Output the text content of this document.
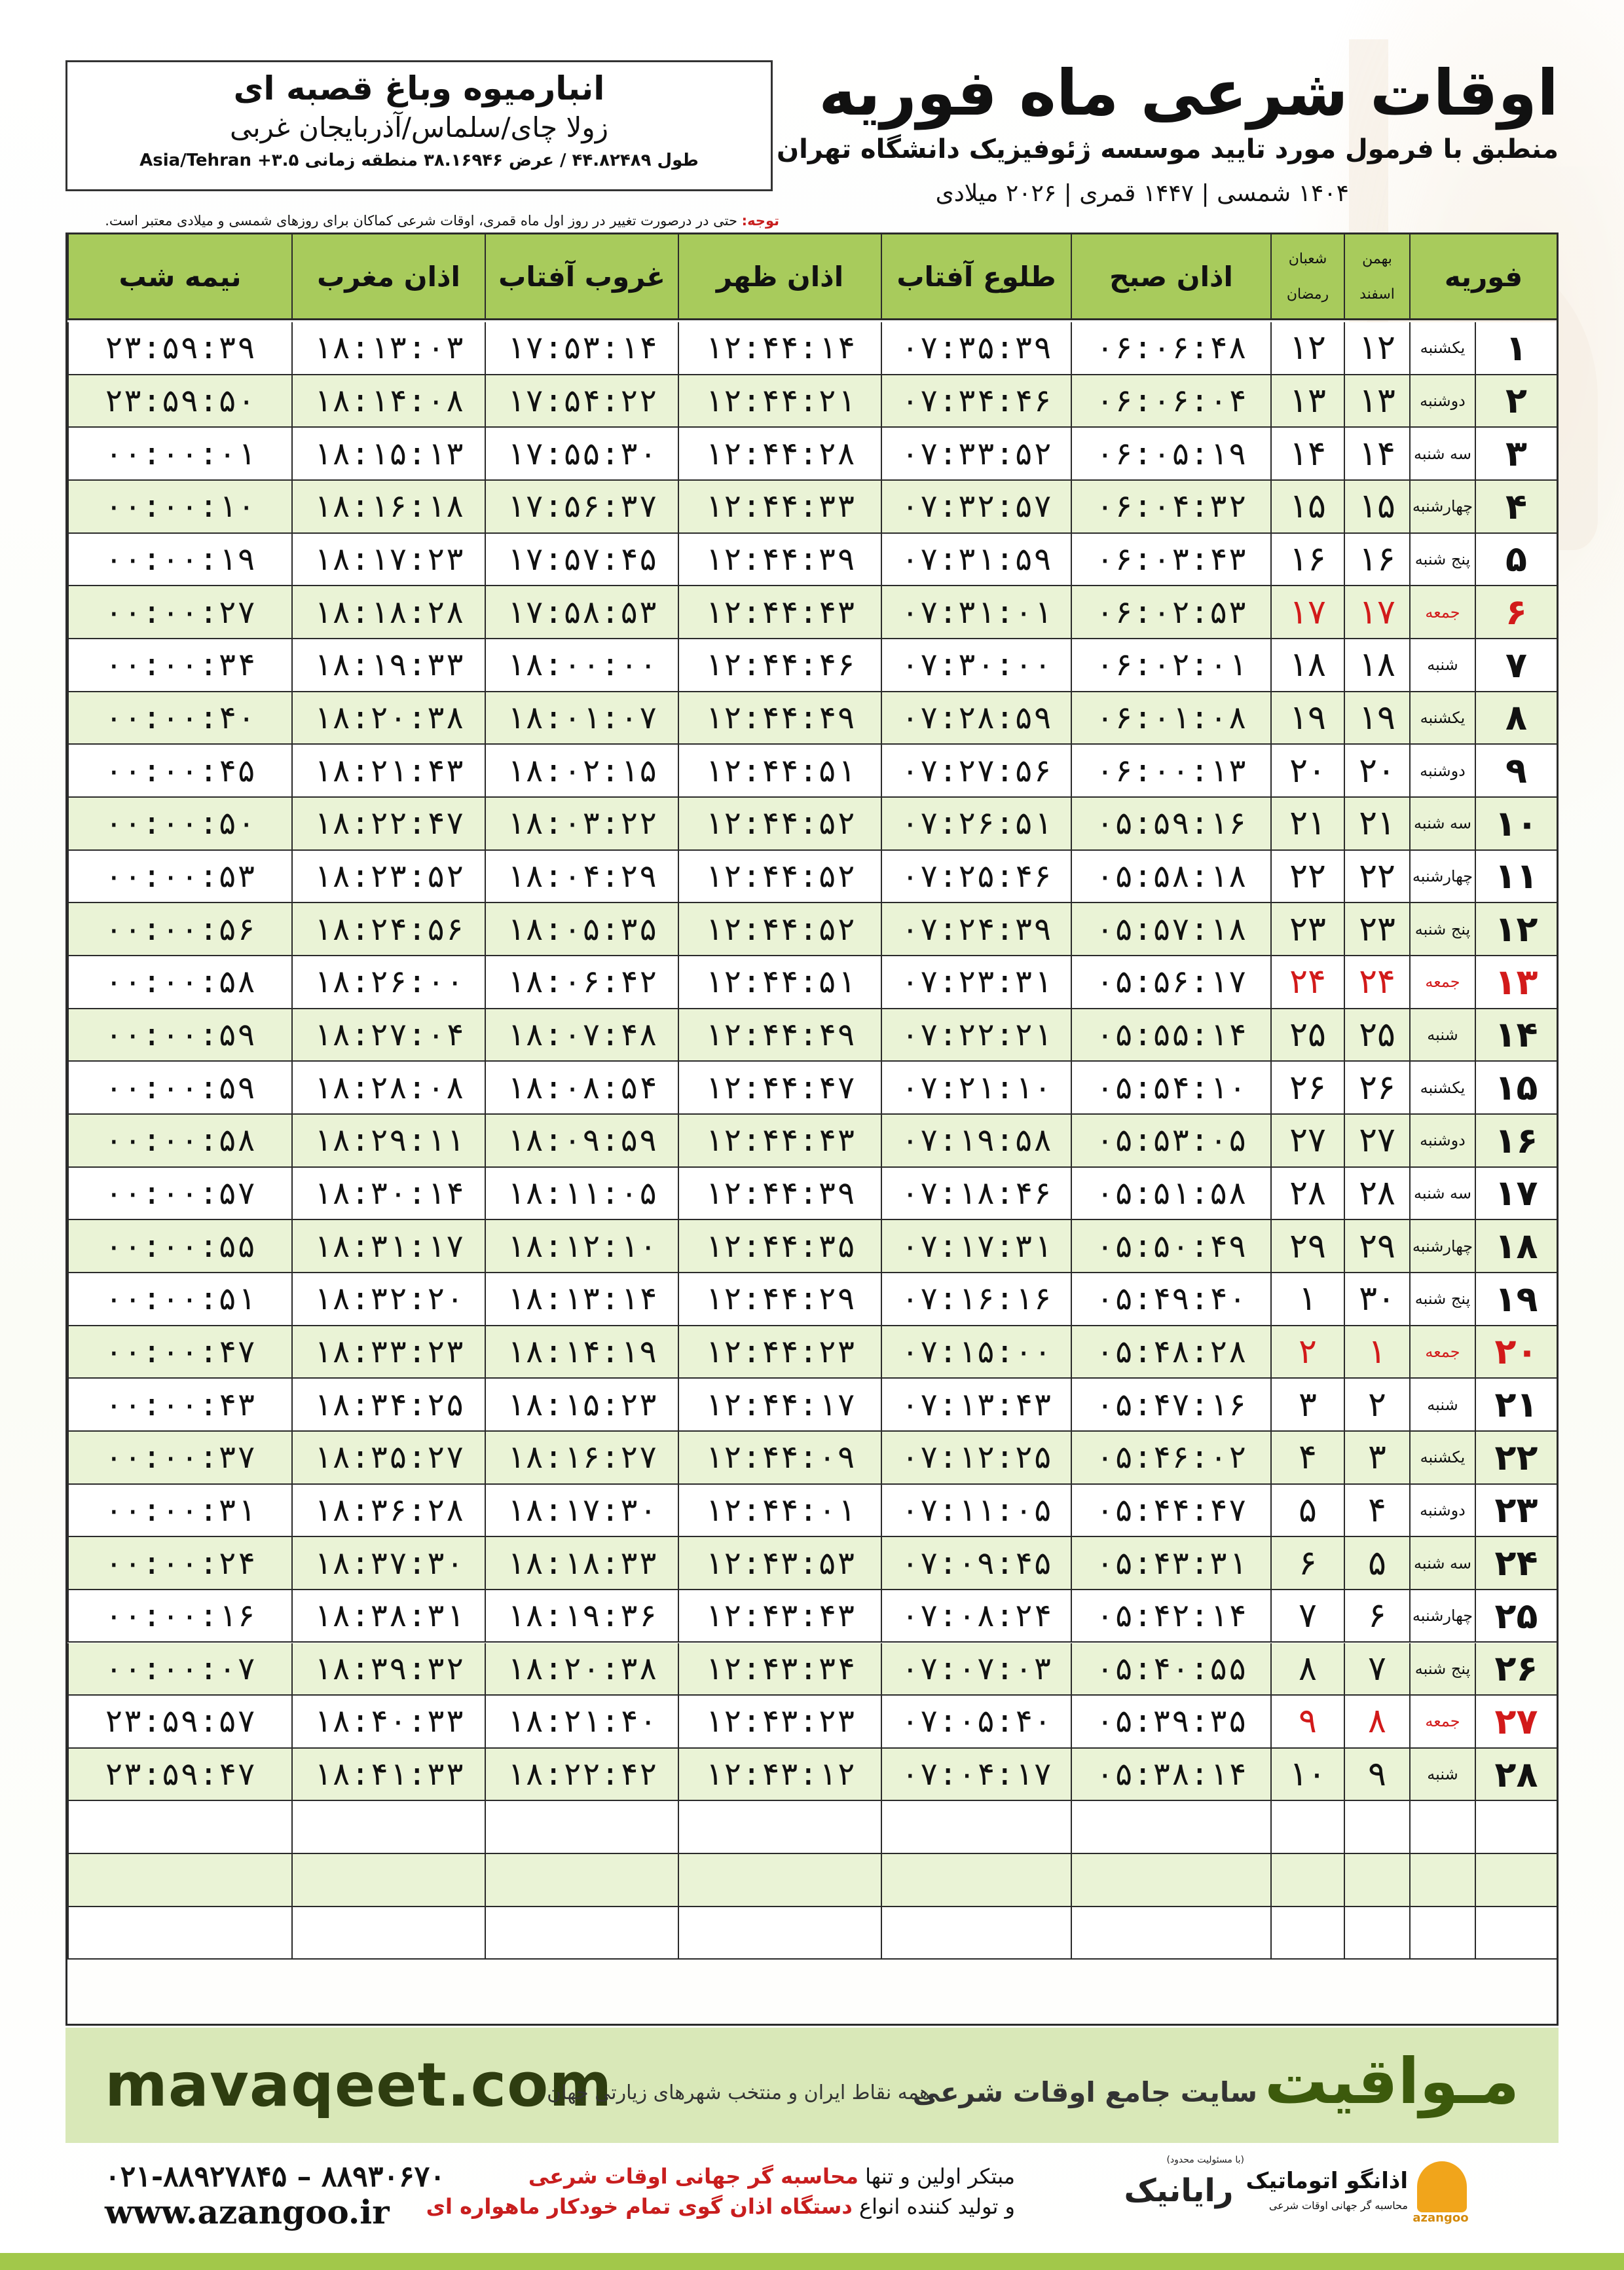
انبارمیوه وباغ قصبه ای
زولا چای/سلماس/آذربایجان غربی
طول ۴۴.۸۲۴۸۹ / عرض ۳۸.۱۶۹۴۶ منطقه زمانی ۳.۵+ Asia/Tehran
اوقات شرعی ماه فوریه
منطبق با فرمول مورد تایید موسسه ژئوفیزیک دانشگاه تهران
۱۴۰۴ شمسی | ۱۴۴۷ قمری | ۲۰۲۶ میلادی
توجه: حتی در درصورت تغییر در روز اول ماه قمری، اوقات شرعی کماکان برای روزهای شمسی و میلادی معتبر است.
فوریه
بهمن
اسفند
شعبان
رمضان
اذان صبح
طلوع آفتاب
اذان ظهر
غروب آفتاب
اذان مغرب
نیمه شب
۱
یکشنبه
۱۲
۱۲
۰۶:۰۶:۴۸
۰۷:۳۵:۳۹
۱۲:۴۴:۱۴
۱۷:۵۳:۱۴
۱۸:۱۳:۰۳
۲۳:۵۹:۳۹
۲
دوشنبه
۱۳
۱۳
۰۶:۰۶:۰۴
۰۷:۳۴:۴۶
۱۲:۴۴:۲۱
۱۷:۵۴:۲۲
۱۸:۱۴:۰۸
۲۳:۵۹:۵۰
۳
سه شنبه
۱۴
۱۴
۰۶:۰۵:۱۹
۰۷:۳۳:۵۲
۱۲:۴۴:۲۸
۱۷:۵۵:۳۰
۱۸:۱۵:۱۳
۰۰:۰۰:۰۱
۴
چهارشنبه
۱۵
۱۵
۰۶:۰۴:۳۲
۰۷:۳۲:۵۷
۱۲:۴۴:۳۳
۱۷:۵۶:۳۷
۱۸:۱۶:۱۸
۰۰:۰۰:۱۰
۵
پنج شنبه
۱۶
۱۶
۰۶:۰۳:۴۳
۰۷:۳۱:۵۹
۱۲:۴۴:۳۹
۱۷:۵۷:۴۵
۱۸:۱۷:۲۳
۰۰:۰۰:۱۹
۶
جمعه
۱۷
۱۷
۰۶:۰۲:۵۳
۰۷:۳۱:۰۱
۱۲:۴۴:۴۳
۱۷:۵۸:۵۳
۱۸:۱۸:۲۸
۰۰:۰۰:۲۷
۷
شنبه
۱۸
۱۸
۰۶:۰۲:۰۱
۰۷:۳۰:۰۰
۱۲:۴۴:۴۶
۱۸:۰۰:۰۰
۱۸:۱۹:۳۳
۰۰:۰۰:۳۴
۸
یکشنبه
۱۹
۱۹
۰۶:۰۱:۰۸
۰۷:۲۸:۵۹
۱۲:۴۴:۴۹
۱۸:۰۱:۰۷
۱۸:۲۰:۳۸
۰۰:۰۰:۴۰
۹
دوشنبه
۲۰
۲۰
۰۶:۰۰:۱۳
۰۷:۲۷:۵۶
۱۲:۴۴:۵۱
۱۸:۰۲:۱۵
۱۸:۲۱:۴۳
۰۰:۰۰:۴۵
۱۰
سه شنبه
۲۱
۲۱
۰۵:۵۹:۱۶
۰۷:۲۶:۵۱
۱۲:۴۴:۵۲
۱۸:۰۳:۲۲
۱۸:۲۲:۴۷
۰۰:۰۰:۵۰
۱۱
چهارشنبه
۲۲
۲۲
۰۵:۵۸:۱۸
۰۷:۲۵:۴۶
۱۲:۴۴:۵۲
۱۸:۰۴:۲۹
۱۸:۲۳:۵۲
۰۰:۰۰:۵۳
۱۲
پنج شنبه
۲۳
۲۳
۰۵:۵۷:۱۸
۰۷:۲۴:۳۹
۱۲:۴۴:۵۲
۱۸:۰۵:۳۵
۱۸:۲۴:۵۶
۰۰:۰۰:۵۶
۱۳
جمعه
۲۴
۲۴
۰۵:۵۶:۱۷
۰۷:۲۳:۳۱
۱۲:۴۴:۵۱
۱۸:۰۶:۴۲
۱۸:۲۶:۰۰
۰۰:۰۰:۵۸
۱۴
شنبه
۲۵
۲۵
۰۵:۵۵:۱۴
۰۷:۲۲:۲۱
۱۲:۴۴:۴۹
۱۸:۰۷:۴۸
۱۸:۲۷:۰۴
۰۰:۰۰:۵۹
۱۵
یکشنبه
۲۶
۲۶
۰۵:۵۴:۱۰
۰۷:۲۱:۱۰
۱۲:۴۴:۴۷
۱۸:۰۸:۵۴
۱۸:۲۸:۰۸
۰۰:۰۰:۵۹
۱۶
دوشنبه
۲۷
۲۷
۰۵:۵۳:۰۵
۰۷:۱۹:۵۸
۱۲:۴۴:۴۳
۱۸:۰۹:۵۹
۱۸:۲۹:۱۱
۰۰:۰۰:۵۸
۱۷
سه شنبه
۲۸
۲۸
۰۵:۵۱:۵۸
۰۷:۱۸:۴۶
۱۲:۴۴:۳۹
۱۸:۱۱:۰۵
۱۸:۳۰:۱۴
۰۰:۰۰:۵۷
۱۸
چهارشنبه
۲۹
۲۹
۰۵:۵۰:۴۹
۰۷:۱۷:۳۱
۱۲:۴۴:۳۵
۱۸:۱۲:۱۰
۱۸:۳۱:۱۷
۰۰:۰۰:۵۵
۱۹
پنج شنبه
۳۰
۱
۰۵:۴۹:۴۰
۰۷:۱۶:۱۶
۱۲:۴۴:۲۹
۱۸:۱۳:۱۴
۱۸:۳۲:۲۰
۰۰:۰۰:۵۱
۲۰
جمعه
۱
۲
۰۵:۴۸:۲۸
۰۷:۱۵:۰۰
۱۲:۴۴:۲۳
۱۸:۱۴:۱۹
۱۸:۳۳:۲۳
۰۰:۰۰:۴۷
۲۱
شنبه
۲
۳
۰۵:۴۷:۱۶
۰۷:۱۳:۴۳
۱۲:۴۴:۱۷
۱۸:۱۵:۲۳
۱۸:۳۴:۲۵
۰۰:۰۰:۴۳
۲۲
یکشنبه
۳
۴
۰۵:۴۶:۰۲
۰۷:۱۲:۲۵
۱۲:۴۴:۰۹
۱۸:۱۶:۲۷
۱۸:۳۵:۲۷
۰۰:۰۰:۳۷
۲۳
دوشنبه
۴
۵
۰۵:۴۴:۴۷
۰۷:۱۱:۰۵
۱۲:۴۴:۰۱
۱۸:۱۷:۳۰
۱۸:۳۶:۲۸
۰۰:۰۰:۳۱
۲۴
سه شنبه
۵
۶
۰۵:۴۳:۳۱
۰۷:۰۹:۴۵
۱۲:۴۳:۵۳
۱۸:۱۸:۳۳
۱۸:۳۷:۳۰
۰۰:۰۰:۲۴
۲۵
چهارشنبه
۶
۷
۰۵:۴۲:۱۴
۰۷:۰۸:۲۴
۱۲:۴۳:۴۳
۱۸:۱۹:۳۶
۱۸:۳۸:۳۱
۰۰:۰۰:۱۶
۲۶
پنج شنبه
۷
۸
۰۵:۴۰:۵۵
۰۷:۰۷:۰۳
۱۲:۴۳:۳۴
۱۸:۲۰:۳۸
۱۸:۳۹:۳۲
۰۰:۰۰:۰۷
۲۷
جمعه
۸
۹
۰۵:۳۹:۳۵
۰۷:۰۵:۴۰
۱۲:۴۳:۲۳
۱۸:۲۱:۴۰
۱۸:۴۰:۳۳
۲۳:۵۹:۵۷
۲۸
شنبه
۹
۱۰
۰۵:۳۸:۱۴
۰۷:۰۴:۱۷
۱۲:۴۳:۱۲
۱۸:۲۲:۴۲
۱۸:۴۱:۳۳
۲۳:۵۹:۴۷
mavaqeet.com	مـواقیت
سایت جامع اوقات شرعی
همه نقاط ایران و منتخب شهرهای زیارتی جهان
۰۲۱-۸۸۹۲۷۸۴۵ – ۸۸۹۳۰۶۷۰
www.azangoo.ir
مبتکر اولین و تنها محاسبه گر جهانی اوقات شرعی
و تولید کننده انواع دستگاه اذان گوی تمام خودکار ماهواره ای
(با مسئولیت محدود)
رایانیک
azangoo
اذانگو اتوماتیک
محاسبه گر جهانی اوقات شرعی
